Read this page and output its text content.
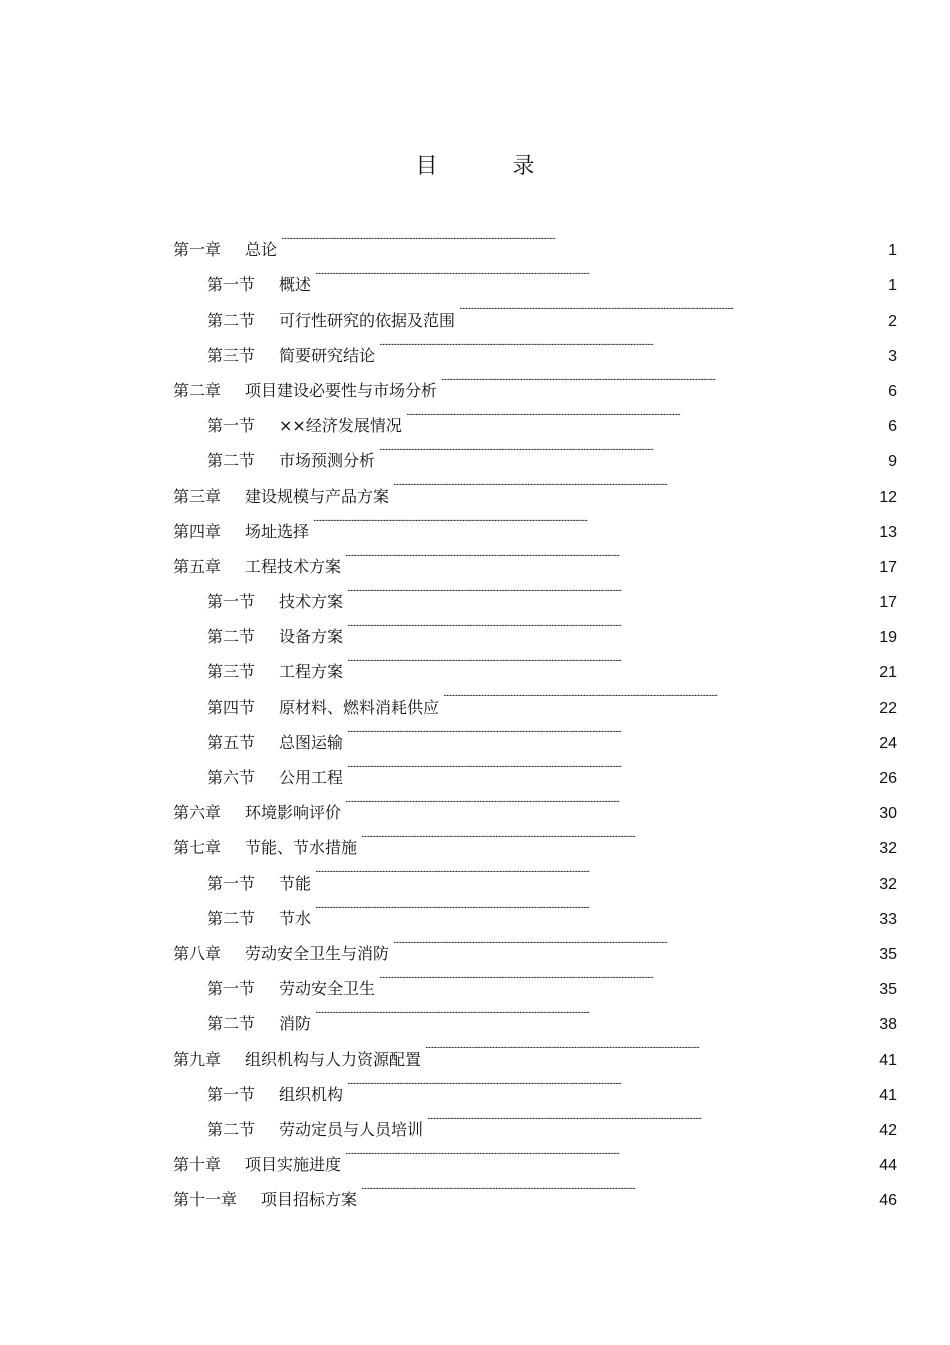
目 录
第一章 总论 . . .	1
第一节 概述 . . .	1
第二节 可行性研究的依据及范围 . . .	2
第三节 简要研究结论 . . .	3
第二章 项目建设必要性与市场分析 . . .	6
第一节 ××经济发展情况 . . .	6
第二节 市场预测分析 . . .	9
第三章 建设规模与产品方案 . . .	12
第四章 场址选择 . . .	13
第五章 工程技术方案 . . .	17
第一节 技术方案 . . .	17
第二节 设备方案 . . .	19
第三节 工程方案 . . .	21
第四节 原材料、燃料消耗供应 . . .	22
第五节 总图运输 . . .	24
第六节 公用工程 . . .	26
第六章 环境影响评价 . . .	30
第七章 节能、节水措施 . . .	32
第一节 节能 . . .	32
第二节 节水 . . .	33
第八章 劳动安全卫生与消防 . . .	35
第一节 劳动安全卫生 . . .	35
第二节 消防 . . .	38
第九章 组织机构与人力资源配置 . . .	41
第一节 组织机构 . . .	41
第二节 劳动定员与人员培训 . . .	42
第十章 项目实施进度 . . .	44
第十一章 项目招标方案 . . .	46
